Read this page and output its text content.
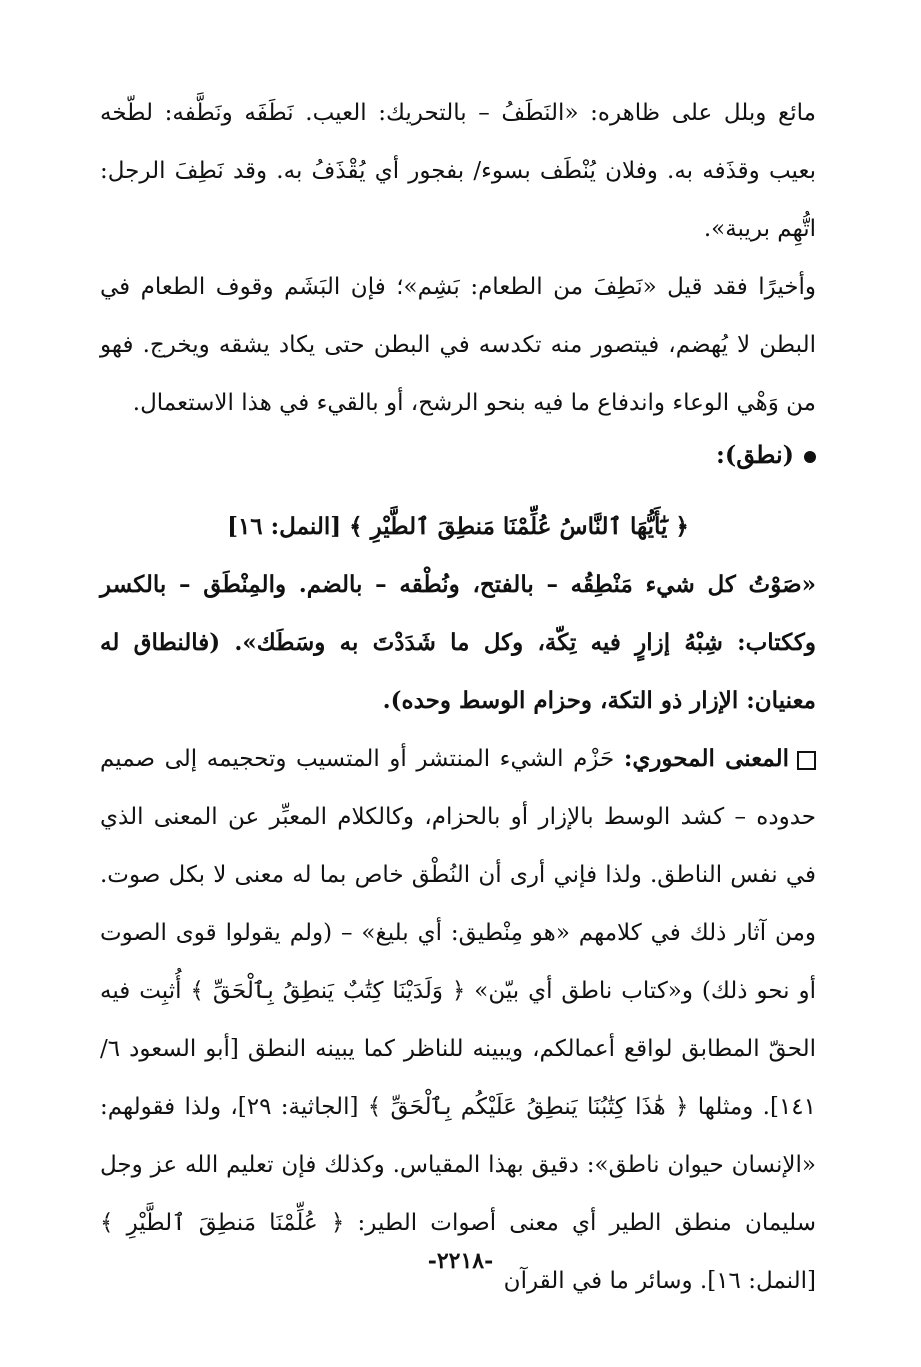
مائع وبلل على ظاهره: «النَطَفُ – بالتحريك: العيب. نَطَفَه ونَطَّفه: لطّخه بعيب وقذَفه به. وفلان يُنْطَف بسوء/ بفجور أي يُقْذَفُ به. وقد نَطِفَ الرجل: اتُّهِم بريبة».

وأخيرًا فقد قيل «نَطِفَ من الطعام: بَشِم»؛ فإن البَشَم وقوف الطعام في البطن لا يُهضم، فيتصور منه تكدسه في البطن حتى يكاد يشقه ويخرج. فهو من وَهْي الوعاء واندفاع ما فيه بنحو الرشح، أو بالقيء في هذا الاستعمال.

(نطق):
﴿ يَٰٓأَيُّهَا ٱلنَّاسُ عُلِّمْنَا مَنطِقَ ٱلطَّيْرِ ﴾ [النمل: ١٦]

«صَوْتُ كل شيء مَنْطِقُه – بالفتح، ونُطْقه – بالضم. والمِنْطَق – بالكسر وككتاب: شِبْهُ إزارٍ فيه تِكّة، وكل ما شَدَدْتَ به وسَطَك». (فالنطاق له معنيان: الإزار ذو التكة، وحزام الوسط وحده).

المعنى المحوري: حَزْم الشيء المنتشر أو المتسيب وتحجيمه إلى صميم حدوده – كشد الوسط بالإزار أو بالحزام، وكالكلام المعبِّر عن المعنى الذي في نفس الناطق. ولذا فإني أرى أن النُطْق خاص بما له معنى لا بكل صوت. ومن آثار ذلك في كلامهم «هو مِنْطيق: أي بليغ» – (ولم يقولوا قوى الصوت أو نحو ذلك) و«كتاب ناطق أي بيّن» ﴿ وَلَدَيْنَا كِتَٰبٌ يَنطِقُ بِٱلْحَقِّ ﴾ أُثبِت فيه الحقّ المطابق لواقع أعمالكم، ويبينه للناظر كما يبينه النطق [أبو السعود ٦/ ١٤١]. ومثلها ﴿ هَٰذَا كِتَٰبُنَا يَنطِقُ عَلَيْكُم بِٱلْحَقِّ ﴾ [الجاثية: ٢٩]، ولذا فقولهم: «الإنسان حيوان ناطق»: دقيق بهذا المقياس. وكذلك فإن تعليم الله عز وجل سليمان منطق الطير أي معنى أصوات الطير: ﴿ عُلِّمْنَا مَنطِقَ ٱلطَّيْرِ ﴾ [النمل: ١٦]. وسائر ما في القرآن

-٢٢١٨-
